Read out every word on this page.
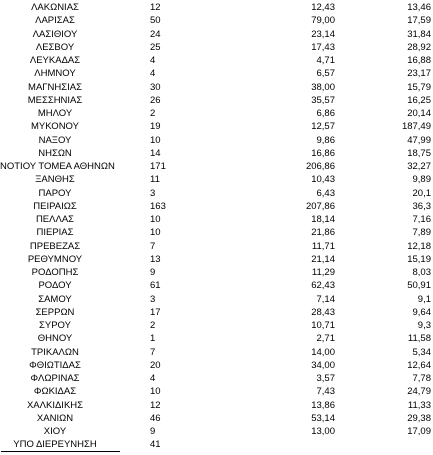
ΛΑΚΩΝΙΑΣ	12	12,43	13,46
ΛΑΡΙΣΑΣ	50	79,00	17,59
ΛΑΣΙΘΙΟΥ	24	23,14	31,84
ΛΕΣΒΟΥ	25	17,43	28,92
ΛΕΥΚΑΔΑΣ	4	4,71	16,88
ΛΗΜΝΟΥ	4	6,57	23,17
ΜΑΓΝΗΣΙΑΣ	30	38,00	15,79
ΜΕΣΣΗΝΙΑΣ	26	35,57	16,25
ΜΗΛΟΥ	2	6,86	20,14
ΜΥΚΟΝΟΥ	19	12,57	187,49
ΝΑΞΟΥ	10	9,86	47,99
ΝΗΣΩΝ	14	16,86	18,75
ΝΟΤΙΟΥ ΤΟΜΕΑ ΑΘΗΝΩΝ	171	206,86	32,27
ΞΑΝΘΗΣ	11	10,43	9,89
ΠΑΡΟΥ	3	6,43	20,1
ΠΕΙΡΑΙΩΣ	163	207,86	36,3
ΠΕΛΛΑΣ	10	18,14	7,16
ΠΙΕΡΙΑΣ	10	21,86	7,89
ΠΡΕΒΕΖΑΣ	7	11,71	12,18
ΡΕΘΥΜΝΟΥ	13	21,14	15,19
ΡΟΔΟΠΗΣ	9	11,29	8,03
ΡΟΔΟΥ	61	62,43	50,91
ΣΑΜΟΥ	3	7,14	9,1
ΣΕΡΡΩΝ	17	28,43	9,64
ΣΥΡΟΥ	2	10,71	9,3
ΘΗΝΟΥ	1	2,71	11,58
ΤΡΙΚΑΛΩΝ	7	14,00	5,34
ΦΘΙΩΤΙΔΑΣ	20	34,00	12,64
ΦΛΩΡΙΝΑΣ	4	3,57	7,78
ΦΩΚΙΔΑΣ	10	7,43	24,79
ΧΑΛΚΙΔΙΚΗΣ	12	13,86	11,33
ΧΑΝΙΩΝ	46	53,14	29,38
ΧΙΟΥ	9	13,00	17,09
ΥΠΟ ΔΙΕΡΕΥΝΗΣΗ	41
